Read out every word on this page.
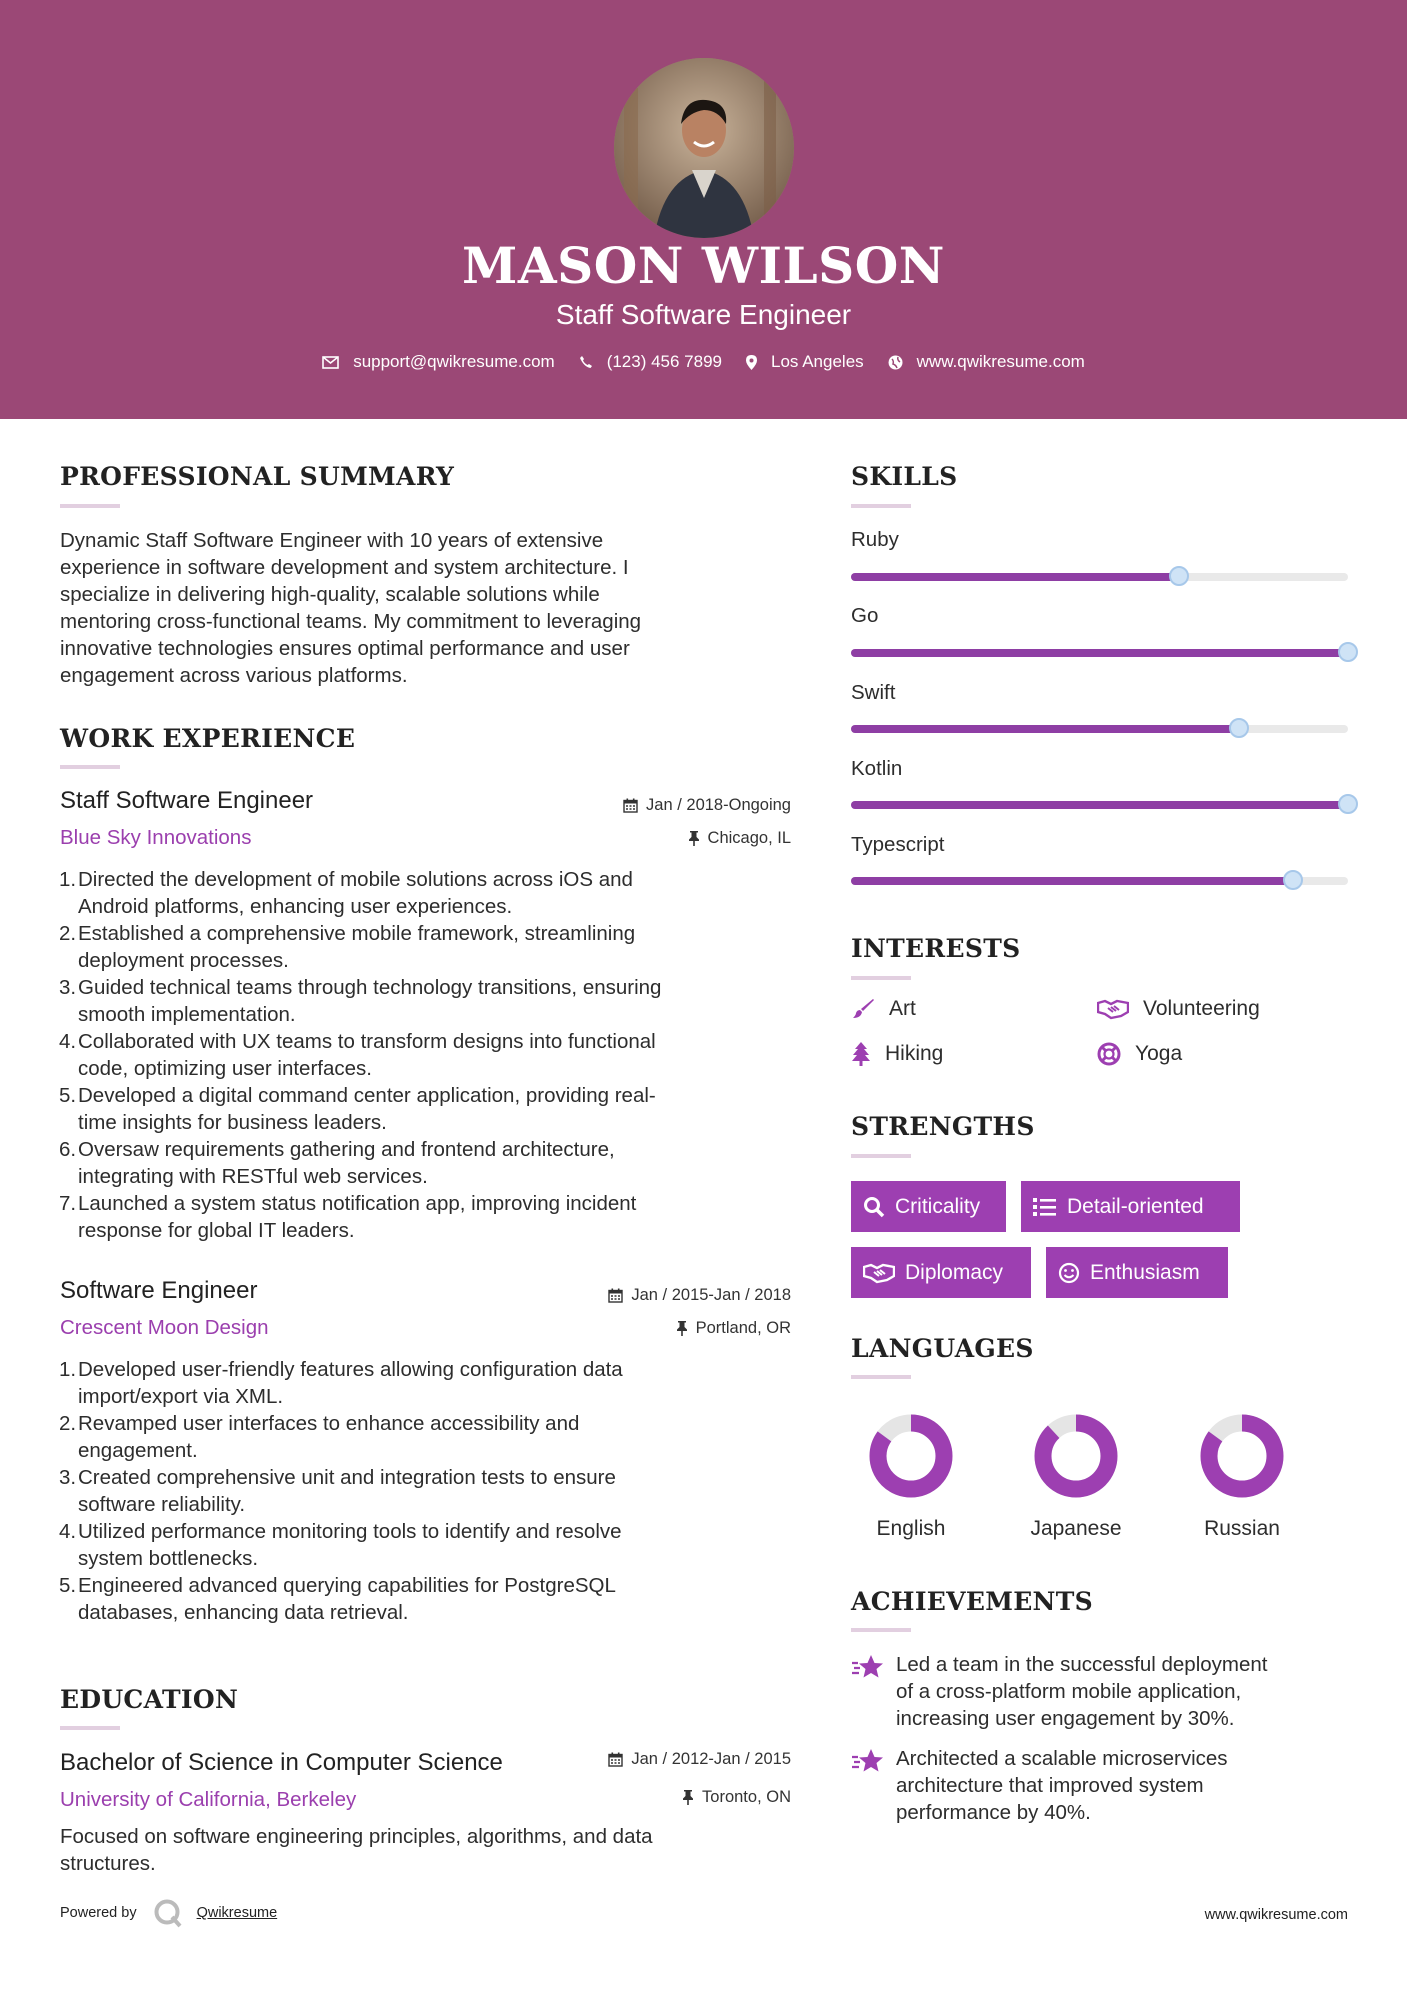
MASON WILSON
Staff Software Engineer
support@qwikresume.com	(123) 456 7899	Los Angeles	www.qwikresume.com
PROFESSIONAL SUMMARY
Dynamic Staff Software Engineer with 10 years of extensive
experience in software development and system architecture. I
specialize in delivering high-quality, scalable solutions while
mentoring cross-functional teams. My commitment to leveraging
innovative technologies ensures optimal performance and user
engagement across various platforms.
WORK EXPERIENCE
Staff Software Engineer	Jan / 2018-Ongoing
Blue Sky Innovations	Chicago, IL
1. Directed the development of mobile solutions across iOS and
Android platforms, enhancing user experiences.
2. Established a comprehensive mobile framework, streamlining
deployment processes.
3. Guided technical teams through technology transitions, ensuring
smooth implementation.
4. Collaborated with UX teams to transform designs into functional
code, optimizing user interfaces.
5. Developed a digital command center application, providing real-
time insights for business leaders.
6. Oversaw requirements gathering and frontend architecture,
integrating with RESTful web services.
7. Launched a system status notification app, improving incident
response for global IT leaders.
Software Engineer	Jan / 2015-Jan / 2018
Crescent Moon Design	Portland, OR
1. Developed user-friendly features allowing configuration data
import/export via XML.
2. Revamped user interfaces to enhance accessibility and
engagement.
3. Created comprehensive unit and integration tests to ensure
software reliability.
4. Utilized performance monitoring tools to identify and resolve
system bottlenecks.
5. Engineered advanced querying capabilities for PostgreSQL
databases, enhancing data retrieval.
EDUCATION
Bachelor of Science in Computer Science	Jan / 2012-Jan / 2015
University of California, Berkeley	Toronto, ON
Focused on software engineering principles, algorithms, and data
structures.
SKILLS
Ruby
Go
Swift
Kotlin
Typescript
INTERESTS
Art	Volunteering
Hiking	Yoga
STRENGTHS
Criticality	Detail-oriented
Diplomacy	Enthusiasm
LANGUAGES
English	Japanese	Russian
ACHIEVEMENTS
Led a team in the successful deployment
of a cross-platform mobile application,
increasing user engagement by 30%.
Architected a scalable microservices
architecture that improved system
performance by 40%.
Powered by	Qwikresume	www.qwikresume.com
